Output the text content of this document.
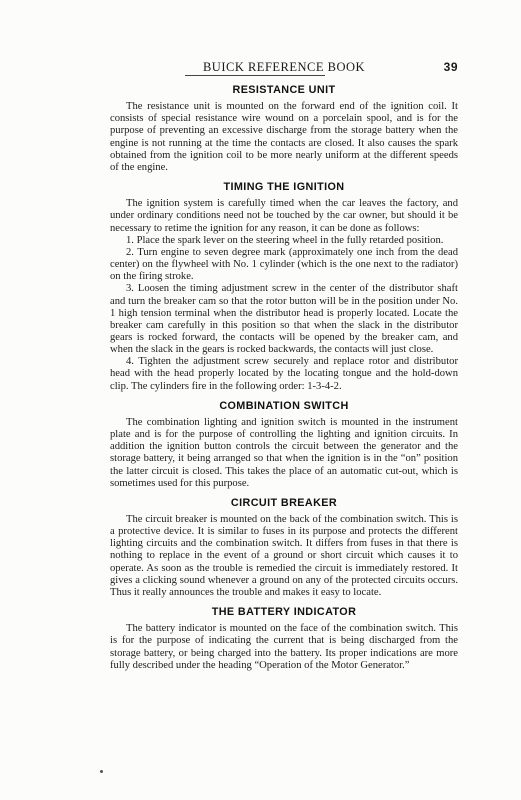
BUICK REFERENCE BOOK	39
RESISTANCE UNIT

The resistance unit is mounted on the forward end of the ignition coil. It consists of special resistance wire wound on a porcelain spool, and is for the purpose of preventing an excessive discharge from the storage battery when the engine is not running at the time the contacts are closed. It also causes the spark obtained from the ignition coil to be more nearly uniform at the different speeds of the engine.

TIMING THE IGNITION

The ignition system is carefully timed when the car leaves the factory, and under ordinary conditions need not be touched by the car owner, but should it be necessary to retime the ignition for any reason, it can be done as follows:

1. Place the spark lever on the steering wheel in the fully retarded position.

2. Turn engine to seven degree mark (approximately one inch from the dead center) on the flywheel with No. 1 cylinder (which is the one next to the radiator) on the firing stroke.

3. Loosen the timing adjustment screw in the center of the distributor shaft and turn the breaker cam so that the rotor button will be in the position under No. 1 high tension terminal when the distributor head is properly located. Locate the breaker cam carefully in this position so that when the slack in the distributor gears is rocked forward, the contacts will be opened by the breaker cam, and when the slack in the gears is rocked backwards, the contacts will just close.

4. Tighten the adjustment screw securely and replace rotor and distributor head with the head properly located by the locating tongue and the hold-down clip. The cylinders fire in the following order: 1-3-4-2.

COMBINATION SWITCH

The combination lighting and ignition switch is mounted in the instrument plate and is for the purpose of controlling the lighting and ignition circuits. In addition the ignition button controls the circuit between the generator and the storage battery, it being arranged so that when the ignition is in the “on” position the latter circuit is closed. This takes the place of an automatic cut-out, which is sometimes used for this purpose.

CIRCUIT BREAKER

The circuit breaker is mounted on the back of the combination switch. This is a protective device. It is similar to fuses in its purpose and protects the different lighting circuits and the combination switch. It differs from fuses in that there is nothing to replace in the event of a ground or short circuit which causes it to operate. As soon as the trouble is remedied the circuit is immediately restored. It gives a clicking sound whenever a ground on any of the protected circuits occurs. Thus it really announces the trouble and makes it easy to locate.

THE BATTERY INDICATOR

The battery indicator is mounted on the face of the combination switch. This is for the purpose of indicating the current that is being discharged from the storage battery, or being charged into the battery. Its proper indications are more fully described under the heading “Operation of the Motor Generator.”
